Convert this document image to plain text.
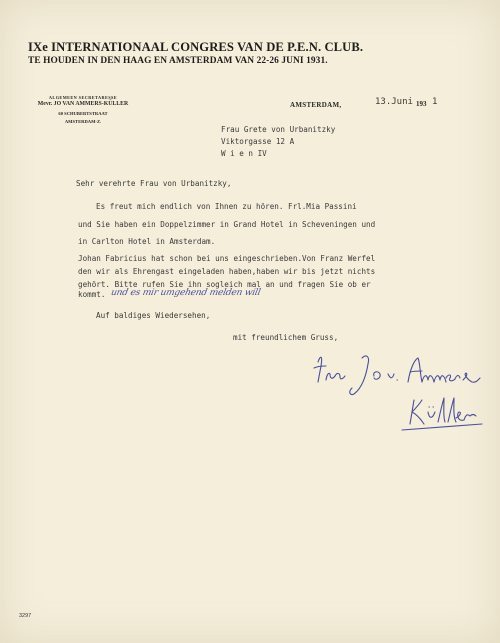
IXe INTERNATIONAAL CONGRES VAN DE P.E.N. CLUB.
TE HOUDEN IN DEN HAAG EN AMSTERDAM VAN 22-26 JUNI 1931.
ALGEMEEN SECRETARESSE
Mevr. JO VAN AMMERS-KÜLLER
60 SCHUBERTSTRAAT
AMSTERDAM-Z.
AMSTERDAM,	13.Juni 193 1
Frau Grete von Urbanitzky
Viktorgasse 12 A
W i e n IV
Sehr verehrte Frau von Urbanitzky,
Es freut mich endlich von Ihnen zu hören. Frl.Mia Passini
und Sie haben ein Doppelzimmer in Grand Hotel in Scheveningen und
in Carlton Hotel in Amsterdam.
Johan Fabricius hat schon bei uns eingeschrieben.Von Franz Werfel
den wir als Ehrengast eingeladen haben,haben wir bis jetzt nichts
gehört. Bitte rufen Sie ihn sogleich mal an und fragen Sie ob er
kommt. und es mir umgehend melden will
Auf baldiges Wiedersehen,
mit freundlichem Gruss,
3297
